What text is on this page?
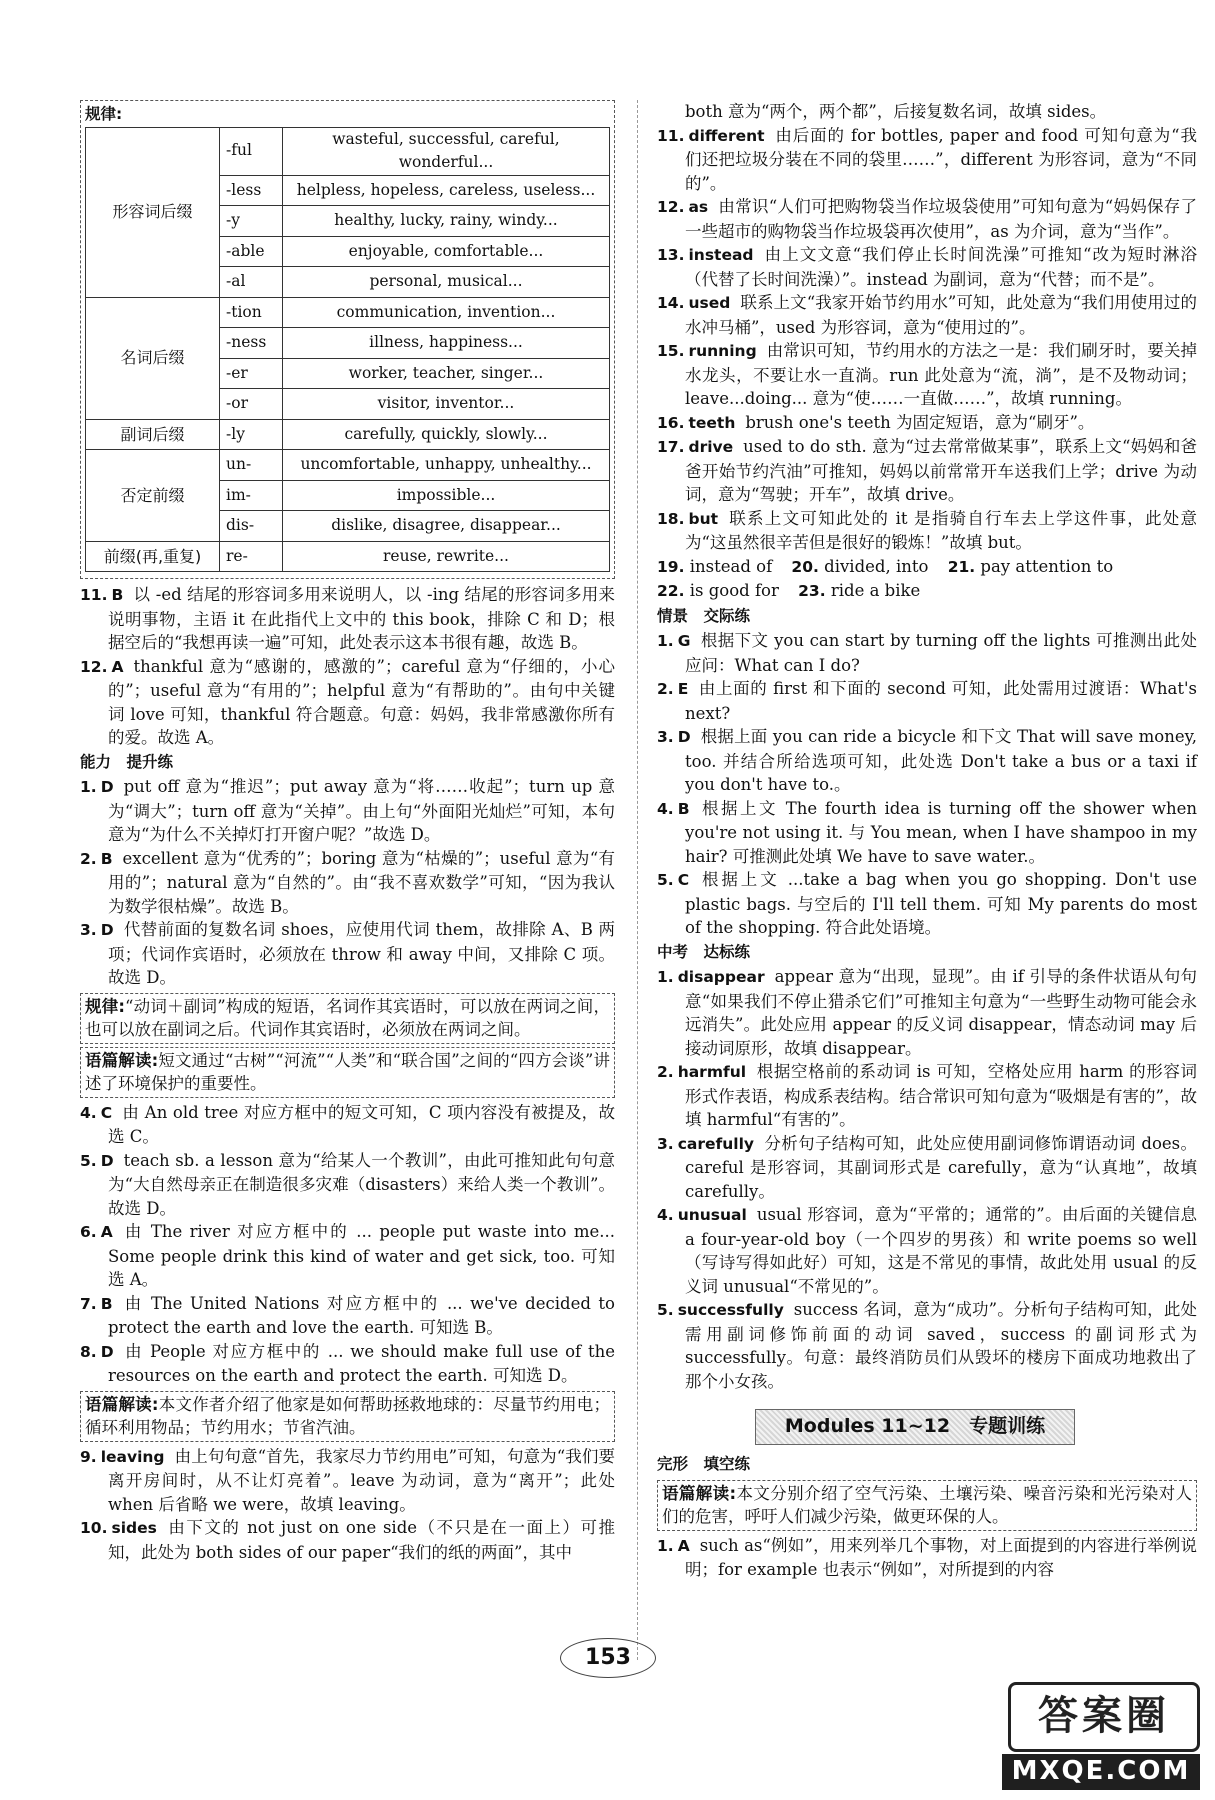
规律:
形容词后缀	-ful	wasteful, successful, careful, wonderful...
	-less	helpless, hopeless, careless, useless...
	-y	healthy, lucky, rainy, windy...
	-able	enjoyable, comfortable...
	-al	personal, musical...
名词后缀	-tion	communication, invention...
	-ness	illness, happiness...
	-er	worker, teacher, singer...
	-or	visitor, inventor...
副词后缀	-ly	carefully, quickly, slowly...
否定前缀	un-	uncomfortable, unhappy, unhealthy...
	im-	impossible...
	dis-	dislike, disagree, disappear...
前缀(再,重复)	re-	reuse, rewrite...

11. B 以 -ed 结尾的形容词多用来说明人，以 -ing 结尾的形容词多用来说明事物，主语 it 在此指代上文中的 this book，排除 C 和 D；根据空后的“我想再读一遍”可知，此处表示这本书很有趣，故选 B。

12. A thankful 意为“感谢的，感激的”；careful 意为“仔细的，小心的”；useful 意为“有用的”；helpful 意为“有帮助的”。由句中关键词 love 可知，thankful 符合题意。句意：妈妈，我非常感激你所有的爱。故选 A。

能力　提升练

1. D put off 意为“推迟”；put away 意为“将……收起”；turn up 意为“调大”；turn off 意为“关掉”。由上句“外面阳光灿烂”可知，本句意为“为什么不关掉灯打开窗户呢？”故选 D。

2. B excellent 意为“优秀的”；boring 意为“枯燥的”；useful 意为“有用的”；natural 意为“自然的”。由“我不喜欢数学”可知，“因为我认为数学很枯燥”。故选 B。

3. D 代替前面的复数名词 shoes，应使用代词 them，故排除 A、B 两项；代词作宾语时，必须放在 throw 和 away 中间，又排除 C 项。故选 D。

规律:“动词＋副词”构成的短语，名词作其宾语时，可以放在两词之间，也可以放在副词之后。代词作其宾语时，必须放在两词之间。
语篇解读:短文通过“古树”“河流”“人类”和“联合国”之间的“四方会谈”讲述了环境保护的重要性。

4. C 由 An old tree 对应方框中的短文可知，C 项内容没有被提及，故选 C。

5. D teach sb. a lesson 意为“给某人一个教训”，由此可推知此句句意为“大自然母亲正在制造很多灾难（disasters）来给人类一个教训”。故选 D。

6. A 由 The river 对应方框中的 ... people put waste into me... Some people drink this kind of water and get sick, too. 可知选 A。

7. B 由 The United Nations 对应方框中的 ... we've decided to protect the earth and love the earth. 可知选 B。

8. D 由 People 对应方框中的 ... we should make full use of the resources on the earth and protect the earth. 可知选 D。

语篇解读:本文作者介绍了他家是如何帮助拯救地球的：尽量节约用电；循环利用物品；节约用水；节省汽油。

9. leaving 由上句句意“首先，我家尽力节约用电”可知，句意为“我们要离开房间时，从不让灯亮着”。leave 为动词，意为“离开”；此处 when 后省略 we were，故填 leaving。

10. sides 由下文的 not just on one side（不只是在一面上）可推知，此处为 both sides of our paper“我们的纸的两面”，其中

both 意为“两个，两个都”，后接复数名词，故填 sides。

11. different 由后面的 for bottles, paper and food 可知句意为“我们还把垃圾分装在不同的袋里……”，different 为形容词，意为“不同的”。

12. as 由常识“人们可把购物袋当作垃圾袋使用”可知句意为“妈妈保存了一些超市的购物袋当作垃圾袋再次使用”，as 为介词，意为“当作”。

13. instead 由上文文意“我们停止长时间洗澡”可推知“改为短时淋浴（代替了长时间洗澡）”。instead 为副词，意为“代替；而不是”。

14. used 联系上文“我家开始节约用水”可知，此处意为“我们用使用过的水冲马桶”，used 为形容词，意为“使用过的”。

15. running 由常识可知，节约用水的方法之一是：我们刷牙时，要关掉水龙头，不要让水一直淌。run 此处意为“流，淌”，是不及物动词；leave...doing... 意为“使……一直做……”，故填 running。

16. teeth brush one's teeth 为固定短语，意为“刷牙”。

17. drive used to do sth. 意为“过去常常做某事”，联系上文“妈妈和爸爸开始节约汽油”可推知，妈妈以前常常开车送我们上学；drive 为动词，意为“驾驶；开车”，故填 drive。

18. but 联系上文可知此处的 it 是指骑自行车去上学这件事，此处意为“这虽然很辛苦但是很好的锻炼！”故填 but。

19. instead of 20. divided, into 21. pay attention to

22. is good for 23. ride a bike

情景　交际练

1. G 根据下文 you can start by turning off the lights 可推测出此处应问：What can I do?

2. E 由上面的 first 和下面的 second 可知，此处需用过渡语：What's next?

3. D 根据上面 you can ride a bicycle 和下文 That will save money, too. 并结合所给选项可知，此处选 Don't take a bus or a taxi if you don't have to.。

4. B 根据上文 The fourth idea is turning off the shower when you're not using it. 与 You mean, when I have shampoo in my hair? 可推测此处填 We have to save water.。

5. C 根据上文 ...take a bag when you go shopping. Don't use plastic bags. 与空后的 I'll tell them. 可知 My parents do most of the shopping. 符合此处语境。

中考　达标练

1. disappear appear 意为“出现，显现”。由 if 引导的条件状语从句句意“如果我们不停止猎杀它们”可推知主句意为“一些野生动物可能会永远消失”。此处应用 appear 的反义词 disappear，情态动词 may 后接动词原形，故填 disappear。

2. harmful 根据空格前的系动词 is 可知，空格处应用 harm 的形容词形式作表语，构成系表结构。结合常识可知句意为“吸烟是有害的”，故填 harmful“有害的”。

3. carefully 分析句子结构可知，此处应使用副词修饰谓语动词 does。careful 是形容词，其副词形式是 carefully，意为“认真地”，故填 carefully。

4. unusual usual 形容词，意为“平常的；通常的”。由后面的关键信息 a four-year-old boy（一个四岁的男孩）和 write poems so well（写诗写得如此好）可知，这是不常见的事情，故此处用 usual 的反义词 unusual“不常见的”。

5. successfully success 名词，意为“成功”。分析句子结构可知，此处需用副词修饰前面的动词 saved，success 的副词形式为 successfully。句意：最终消防员们从毁坏的楼房下面成功地救出了那个小女孩。

Modules 11~12　专题训练
完形　填空练
语篇解读:本文分别介绍了空气污染、土壤污染、噪音污染和光污染对人们的危害，呼吁人们减少污染，做更环保的人。

1. A such as“例如”，用来列举几个事物，对上面提到的内容进行举例说明；for example 也表示“例如”，对所提到的内容

153
答案圈
MXQE.COM
